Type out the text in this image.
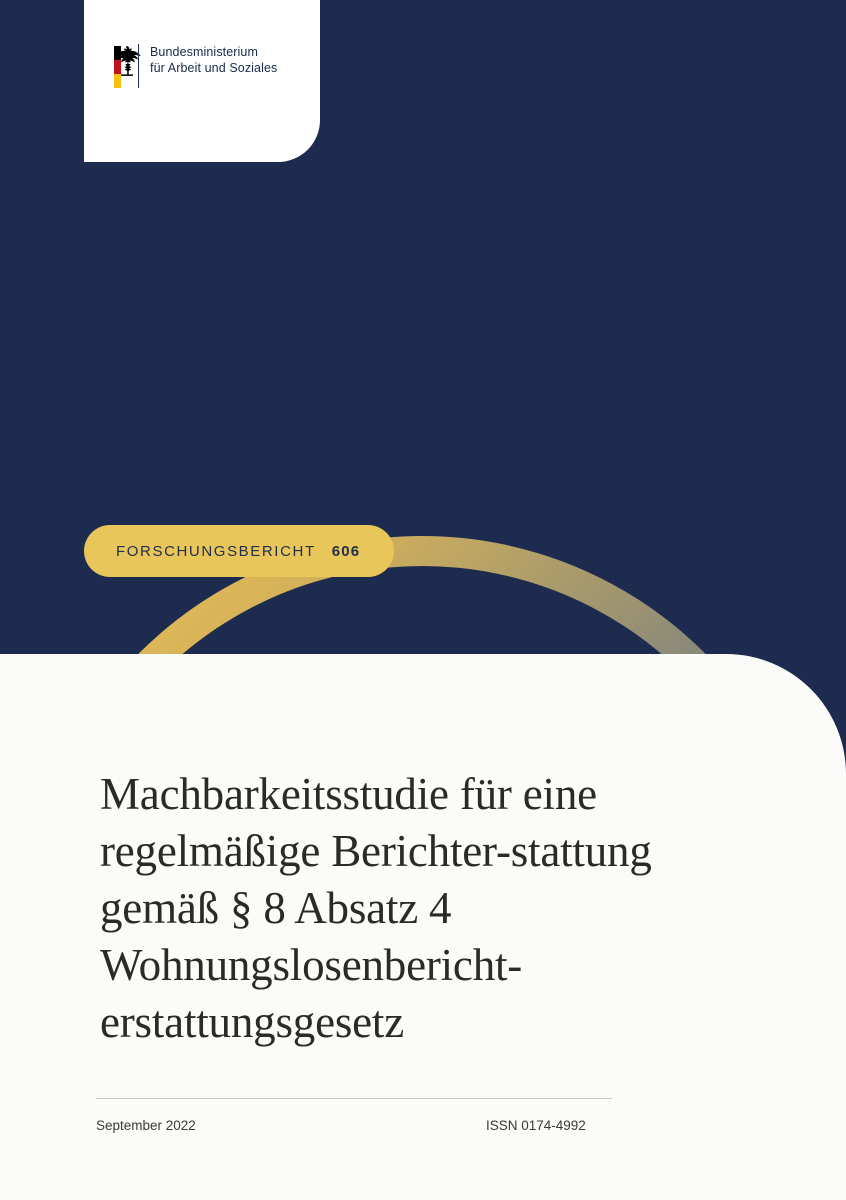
Bundesministerium
für Arbeit und Soziales
FORSCHUNGSBERICHT 606
Machbarkeitsstudie für eine regelmäßige Berichter-stattung gemäß § 8 Absatz 4 Wohnungslosenbericht-erstattungsgesetz
September 2022	ISSN 0174-4992
